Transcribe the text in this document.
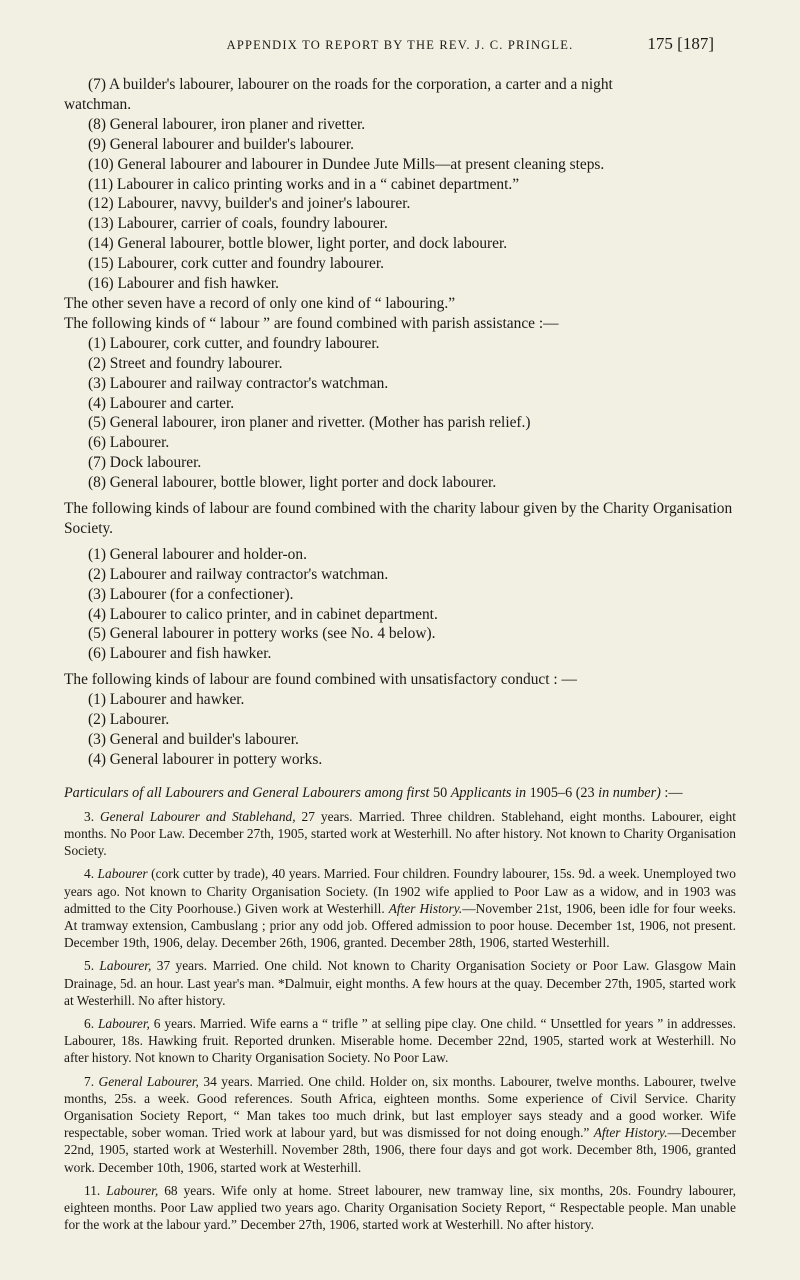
APPENDIX TO REPORT BY THE REV. J. C. PRINGLE.	175 [187]

(7) A builder's labourer, labourer on the roads for the corporation, a carter and a night

watchman.

(8) General labourer, iron planer and rivetter.

(9) General labourer and builder's labourer.

(10) General labourer and labourer in Dundee Jute Mills—at present cleaning steps.

(11) Labourer in calico printing works and in a “ cabinet department.”

(12) Labourer, navvy, builder's and joiner's labourer.

(13) Labourer, carrier of coals, foundry labourer.

(14) General labourer, bottle blower, light porter, and dock labourer.

(15) Labourer, cork cutter and foundry labourer.

(16) Labourer and fish hawker.

The other seven have a record of only one kind of “ labouring.”

The following kinds of “ labour ” are found combined with parish assistance :—

(1) Labourer, cork cutter, and foundry labourer.

(2) Street and foundry labourer.

(3) Labourer and railway contractor's watchman.

(4) Labourer and carter.

(5) General labourer, iron planer and rivetter. (Mother has parish relief.)

(6) Labourer.

(7) Dock labourer.

(8) General labourer, bottle blower, light porter and dock labourer.

The following kinds of labour are found combined with the charity labour given by the Charity Organisation Society.

(1) General labourer and holder-on.

(2) Labourer and railway contractor's watchman.

(3) Labourer (for a confectioner).

(4) Labourer to calico printer, and in cabinet department.

(5) General labourer in pottery works (see No. 4 below).

(6) Labourer and fish hawker.

The following kinds of labour are found combined with unsatisfactory conduct : —

(1) Labourer and hawker.

(2) Labourer.

(3) General and builder's labourer.

(4) General labourer in pottery works.

Particulars of all Labourers and General Labourers among first 50 Applicants in 1905–6 (23 in number) :—

3. General Labourer and Stablehand, 27 years. Married. Three children. Stablehand, eight months. Labourer, eight months. No Poor Law. December 27th, 1905, started work at Westerhill. No after history. Not known to Charity Organisation Society.

4. Labourer (cork cutter by trade), 40 years. Married. Four children. Foundry labourer, 15s. 9d. a week. Unemployed two years ago. Not known to Charity Organisation Society. (In 1902 wife applied to Poor Law as a widow, and in 1903 was admitted to the City Poorhouse.) Given work at Westerhill. After History.—November 21st, 1906, been idle for four weeks. At tramway extension, Cambuslang ; prior any odd job. Offered admission to poor house. December 1st, 1906, not present. December 19th, 1906, delay. December 26th, 1906, granted. December 28th, 1906, started Westerhill.

5. Labourer, 37 years. Married. One child. Not known to Charity Organisation Society or Poor Law. Glasgow Main Drainage, 5d. an hour. Last year's man. *Dalmuir, eight months. A few hours at the quay. December 27th, 1905, started work at Westerhill. No after history.

6. Labourer, 6 years. Married. Wife earns a “ trifle ” at selling pipe clay. One child. “ Unsettled for years ” in addresses. Labourer, 18s. Hawking fruit. Reported drunken. Miserable home. December 22nd, 1905, started work at Westerhill. No after history. Not known to Charity Organisation Society. No Poor Law.

7. General Labourer, 34 years. Married. One child. Holder on, six months. Labourer, twelve months. Labourer, twelve months, 25s. a week. Good references. South Africa, eighteen months. Some experience of Civil Service. Charity Organisation Society Report, “ Man takes too much drink, but last employer says steady and a good worker. Wife respectable, sober woman. Tried work at labour yard, but was dismissed for not doing enough.” After History.—December 22nd, 1905, started work at Westerhill. November 28th, 1906, there four days and got work. December 8th, 1906, granted work. December 10th, 1906, started work at Westerhill.

11. Labourer, 68 years. Wife only at home. Street labourer, new tramway line, six months, 20s. Foundry labourer, eighteen months. Poor Law applied two years ago. Charity Organisation Society Report, “ Respectable people. Man unable for the work at the labour yard.” December 27th, 1906, started work at Westerhill. No after history.
